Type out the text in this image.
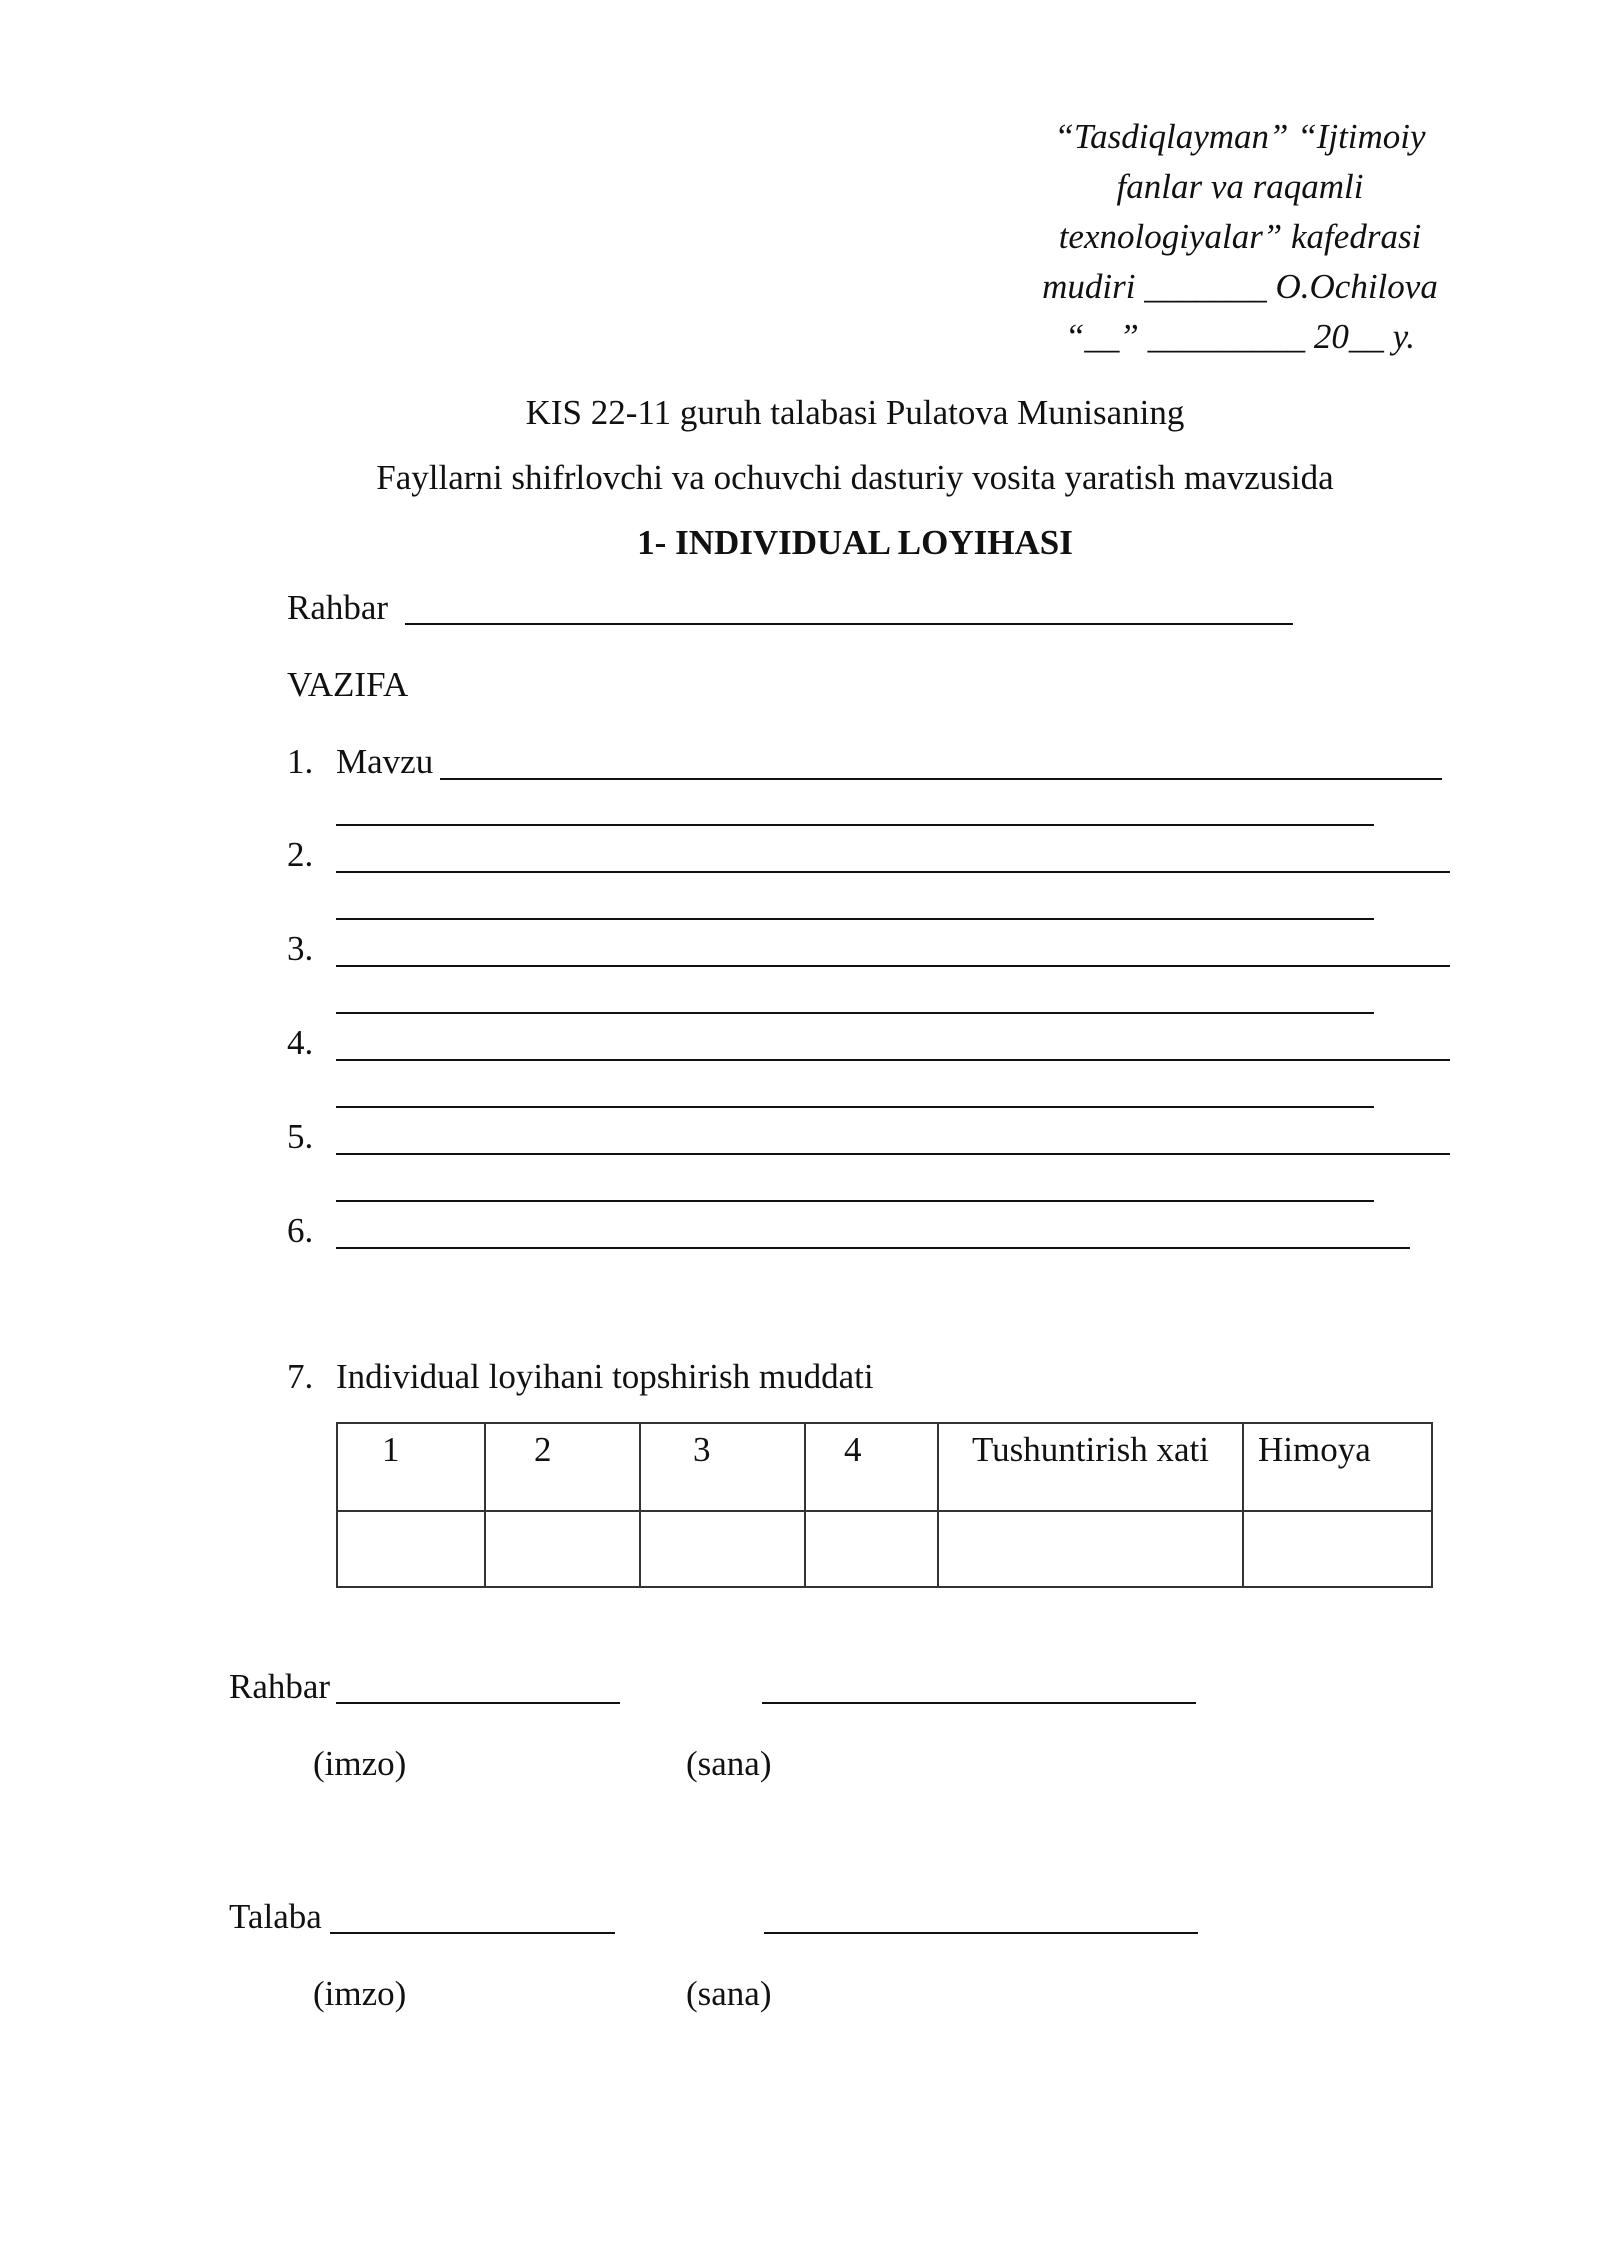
“Tasdiqlayman” “Ijtimoiy
fanlar va raqamli
texnologiyalar” kafedrasi
mudiri _______ O.Ochilova
“__” _________ 20__ y.
KIS 22-11 guruh talabasi Pulatova Munisaning
Fayllarni shifrlovchi va ochuvchi dasturiy vosita yaratish mavzusida
1- INDIVIDUAL LOYIHASI
Rahbar
VAZIFA
1. Mavzu
2.
3.
4.
5.
6.
7. Individual loyihani topshirish muddati
1	2	3	4	Tushuntirish xati	Himoya

Rahbar
(imzo)	(sana)
Talaba
(imzo)	(sana)
